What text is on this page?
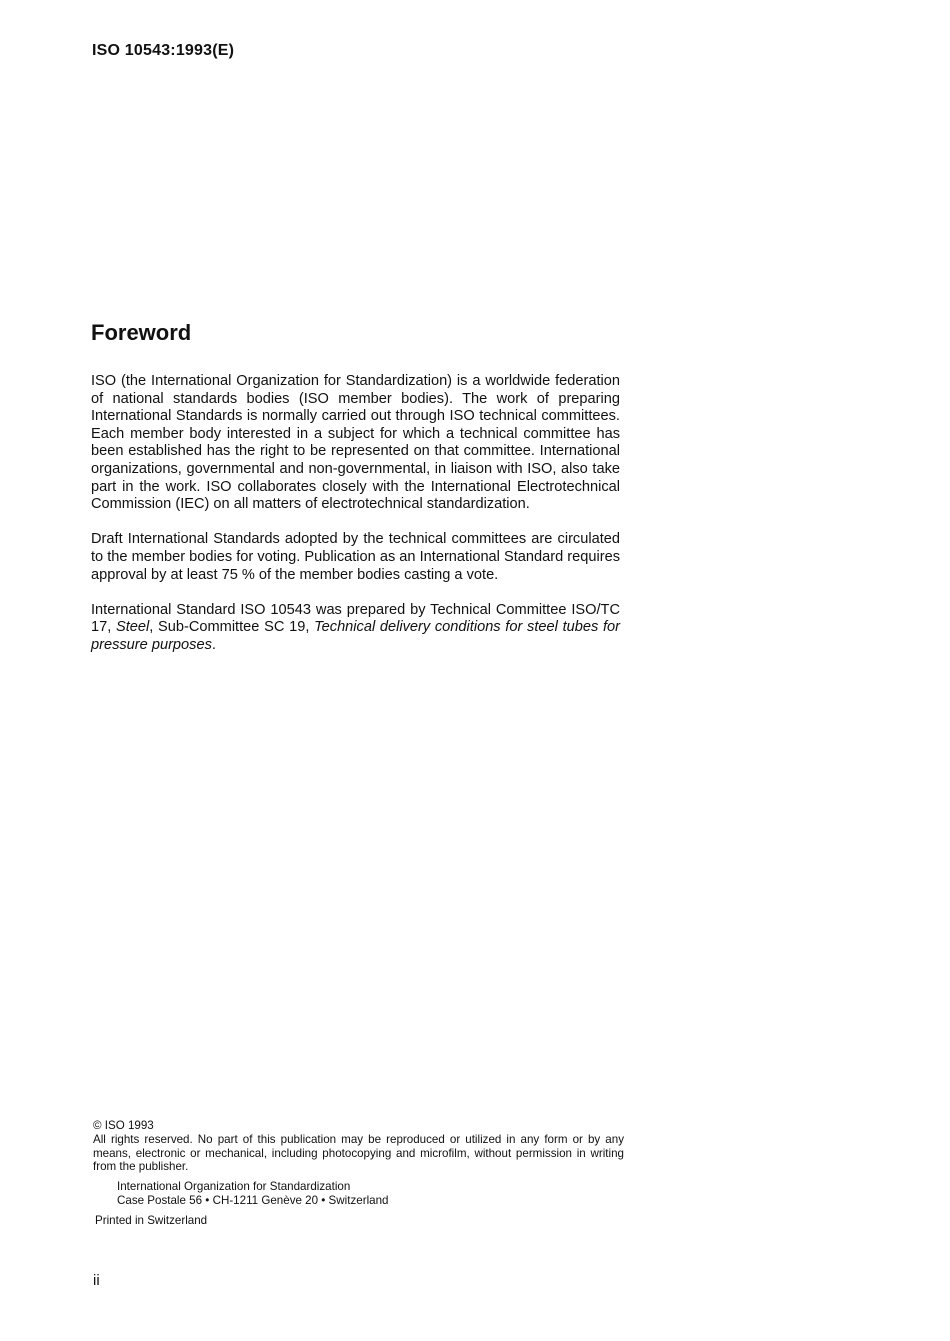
ISO 10543:1993(E)
Foreword

ISO (the International Organization for Standardization) is a worldwide federation of national standards bodies (ISO member bodies). The work of preparing International Standards is normally carried out through ISO technical committees. Each member body interested in a subject for which a technical committee has been established has the right to be represented on that committee. International organizations, governmental and non-governmental, in liaison with ISO, also take part in the work. ISO collaborates closely with the International Electrotechnical Commission (IEC) on all matters of electrotechnical standardization.

Draft International Standards adopted by the technical committees are circulated to the member bodies for voting. Publication as an International Standard requires approval by at least 75 % of the member bodies casting a vote.

International Standard ISO 10543 was prepared by Technical Committee ISO/TC 17, Steel, Sub-Committee SC 19, Technical delivery conditions for steel tubes for pressure purposes.

© ISO 1993

All rights reserved. No part of this publication may be reproduced or utilized in any form or by any means, electronic or mechanical, including photocopying and microfilm, without permission in writing from the publisher.

International Organization for Standardization
Case Postale 56 • CH-1211 Genève 20 • Switzerland
Printed in Switzerland
ii
